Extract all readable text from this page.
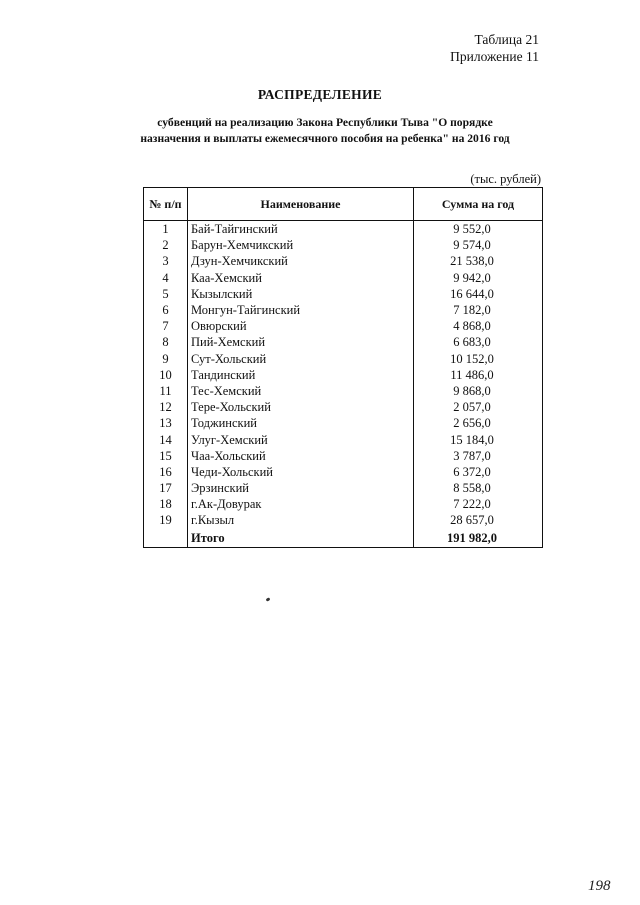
Таблица 21
Приложение 11
РАСПРЕДЕЛЕНИЕ
субвенций на реализацию Закона Республики Тыва "О порядке
назначения и выплаты ежемесячного пособия на ребенка" на 2016 год
(тыс. рублей)
№ п/п	Наименование	Сумма на год
1	Бай-Тайгинский	9 552,0
2	Барун-Хемчикский	9 574,0
3	Дзун-Хемчикский	21 538,0
4	Каа-Хемский	9 942,0
5	Кызылский	16 644,0
6	Монгун-Тайгинский	7 182,0
7	Овюрский	4 868,0
8	Пий-Хемский	6 683,0
9	Сут-Хольский	10 152,0
10	Тандинский	11 486,0
11	Тес-Хемский	9 868,0
12	Тере-Хольский	2 057,0
13	Тоджинский	2 656,0
14	Улуг-Хемский	15 184,0
15	Чаа-Хольский	3 787,0
16	Чеди-Хольский	6 372,0
17	Эрзинский	8 558,0
18	г.Ак-Довурак	7 222,0
19	г.Кызыл	28 657,0
	Итого	191 982,0
198
